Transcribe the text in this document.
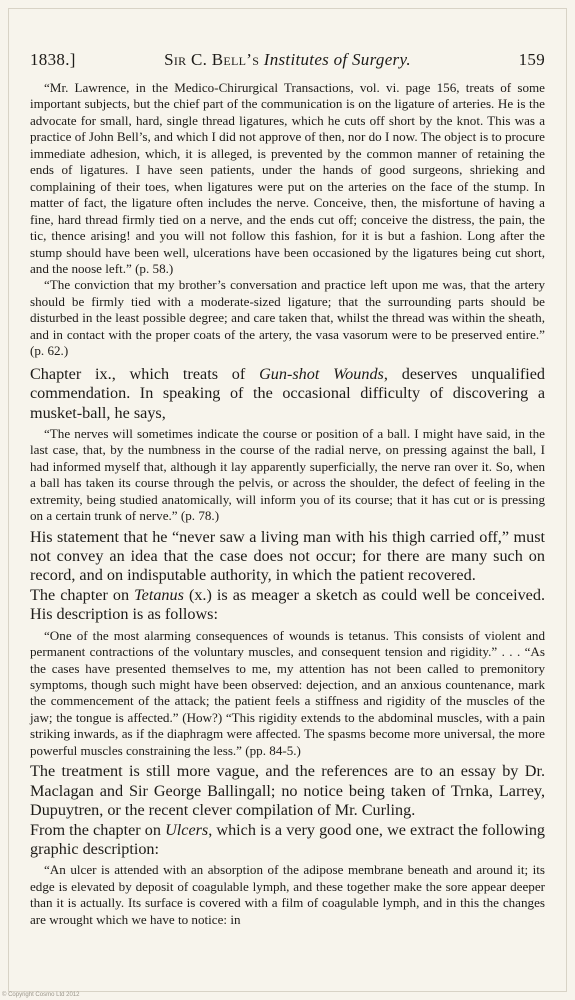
1838.]	Sir C. Bell’s Institutes of Surgery.	159

“Mr. Lawrence, in the Medico-Chirurgical Transactions, vol. vi. page 156, treats of some important subjects, but the chief part of the communication is on the ligature of arteries. He is the advocate for small, hard, single thread ligatures, which he cuts off short by the knot. This was a practice of John Bell’s, and which I did not approve of then, nor do I now. The object is to procure immediate adhesion, which, it is alleged, is prevented by the common manner of retaining the ends of ligatures. I have seen patients, under the hands of good surgeons, shrieking and complaining of their toes, when ligatures were put on the arteries on the face of the stump. In matter of fact, the ligature often includes the nerve. Conceive, then, the misfortune of having a fine, hard thread firmly tied on a nerve, and the ends cut off; conceive the distress, the pain, the tic, thence arising! and you will not follow this fashion, for it is but a fashion. Long after the stump should have been well, ulcerations have been occasioned by the ligatures being cut short, and the noose left.” (p. 58.)

“The conviction that my brother’s conversation and practice left upon me was, that the artery should be firmly tied with a moderate-sized ligature; that the surrounding parts should be disturbed in the least possible degree; and care taken that, whilst the thread was within the sheath, and in contact with the proper coats of the artery, the vasa vasorum were to be preserved entire.” (p. 62.)

Chapter ix., which treats of Gun-shot Wounds, deserves unqualified commendation. In speaking of the occasional difficulty of discovering a musket-ball, he says,

“The nerves will sometimes indicate the course or position of a ball. I might have said, in the last case, that, by the numbness in the course of the radial nerve, on pressing against the ball, I had informed myself that, although it lay apparently superficially, the nerve ran over it. So, when a ball has taken its course through the pelvis, or across the shoulder, the defect of feeling in the extremity, being studied anatomically, will inform you of its course; that it has cut or is pressing on a certain trunk of nerve.” (p. 78.)

His statement that he “never saw a living man with his thigh carried off,” must not convey an idea that the case does not occur; for there are many such on record, and on indisputable authority, in which the patient recovered.

The chapter on Tetanus (x.) is as meager a sketch as could well be conceived. His description is as follows:

“One of the most alarming consequences of wounds is tetanus. This consists of violent and permanent contractions of the voluntary muscles, and consequent tension and rigidity.” . . . “As the cases have presented themselves to me, my attention has not been called to premonitory symptoms, though such might have been observed: dejection, and an anxious countenance, mark the commencement of the attack; the patient feels a stiffness and rigidity of the muscles of the jaw; the tongue is affected.” (How?) “This rigidity extends to the abdominal muscles, with a pain striking inwards, as if the diaphragm were affected. The spasms become more universal, the more powerful muscles constraining the less.” (pp. 84-5.)

The treatment is still more vague, and the references are to an essay by Dr. Maclagan and Sir George Ballingall; no notice being taken of Trnka, Larrey, Dupuytren, or the recent clever compilation of Mr. Curling.

From the chapter on Ulcers, which is a very good one, we extract the following graphic description:

“An ulcer is attended with an absorption of the adipose membrane beneath and around it; its edge is elevated by deposit of coagulable lymph, and these together make the sore appear deeper than it is actually. Its surface is covered with a film of coagulable lymph, and in this the changes are wrought which we have to notice: in

© Copyright Cosmo Ltd 2012
